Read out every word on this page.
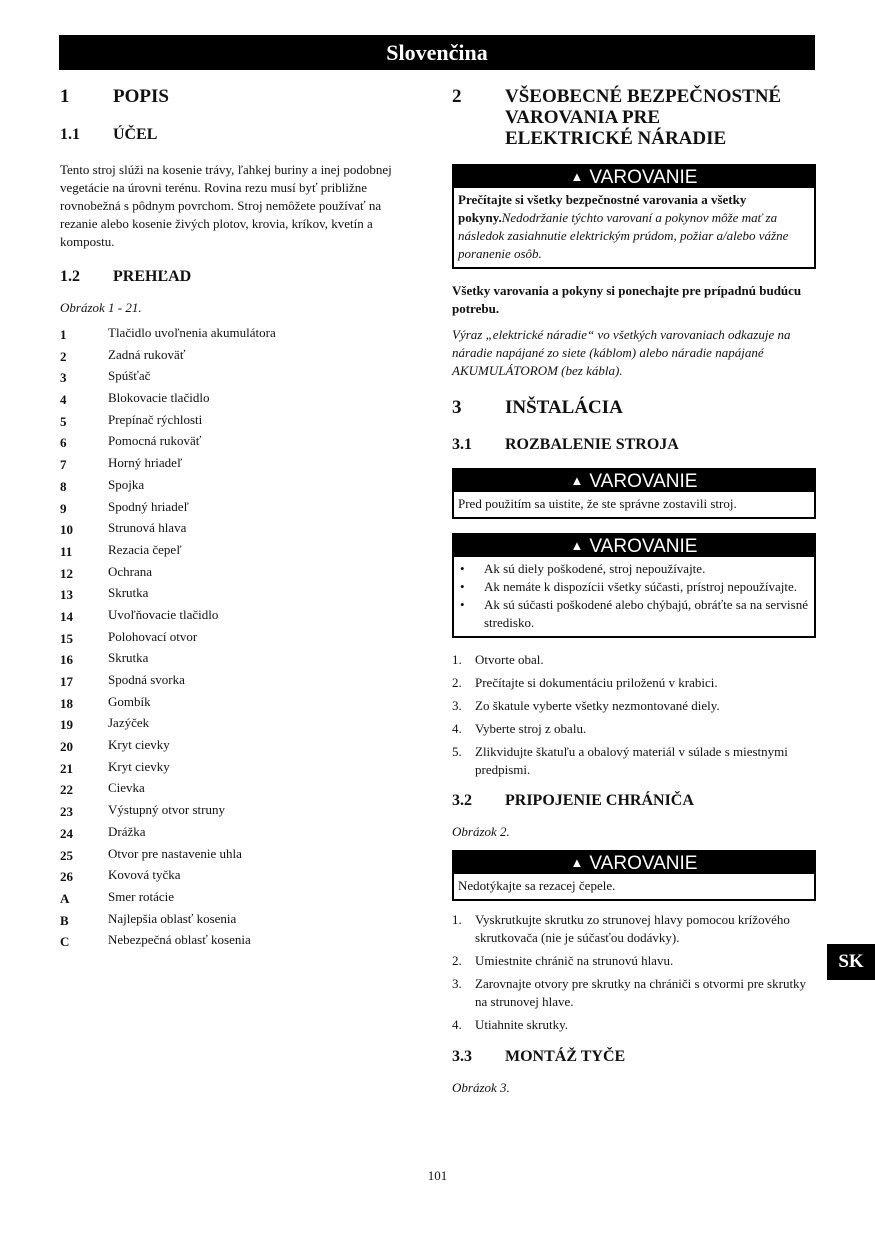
Slovenčina
1	POPIS
1.1	ÚČEL

Tento stroj slúži na kosenie trávy, ľahkej buriny a inej podobnej vegetácie na úrovni terénu. Rovina rezu musí byť približne rovnobežná s pôdnym povrchom. Stroj nemôžete používať na rezanie alebo kosenie živých plotov, krovia, kríkov, kvetín a kompostu.

1.2	PREHĽAD

Obrázok 1 - 21.

1	Tlačidlo uvoľnenia akumulátora
2	Zadná rukoväť
3	Spúšťač
4	Blokovacie tlačidlo
5	Prepínač rýchlosti
6	Pomocná rukoväť
7	Horný hriadeľ
8	Spojka
9	Spodný hriadeľ
10	Strunová hlava
11	Rezacia čepeľ
12	Ochrana
13	Skrutka
14	Uvoľňovacie tlačidlo
15	Polohovací otvor
16	Skrutka
17	Spodná svorka
18	Gombík
19	Jazýček
20	Kryt cievky
21	Kryt cievky
22	Cievka
23	Výstupný otvor struny
24	Drážka
25	Otvor pre nastavenie uhla
26	Kovová tyčka
A	Smer rotácie
B	Najlepšia oblasť kosenia
C	Nebezpečná oblasť kosenia
2	VŠEOBECNÉ BEZPEČNOSTNÉ
VAROVANIA PRE
ELEKTRICKÉ NÁRADIE
▲ VAROVANIE
Prečítajte si všetky bezpečnostné varovania a všetky pokyny.Nedodržanie týchto varovaní a pokynov môže mať za následok zasiahnutie elektrickým prúdom, požiar a/alebo vážne poranenie osôb.

Všetky varovania a pokyny si ponechajte pre prípadnú budúcu potrebu.

Výraz „elektrické náradie“ vo všetkých varovaniach odkazuje na náradie napájané zo siete (káblom) alebo náradie napájané AKUMULÁTOROM (bez kábla).

3	INŠTALÁCIA
3.1	ROZBALENIE STROJA
▲ VAROVANIE
Pred použitím sa uistite, že ste správne zostavili stroj.
▲ VAROVANIE
•	Ak sú diely poškodené, stroj nepoužívajte.
•	Ak nemáte k dispozícii všetky súčasti, prístroj nepoužívajte.
•	Ak sú súčasti poškodené alebo chýbajú, obráťte sa na servisné stredisko.
1.	Otvorte obal.
2.	Prečítajte si dokumentáciu priloženú v krabici.
3.	Zo škatule vyberte všetky nezmontované diely.
4.	Vyberte stroj z obalu.
5.	Zlikvidujte škatuľu a obalový materiál v súlade s miestnymi predpismi.
3.2	PRIPOJENIE CHRÁNIČA

Obrázok 2.

▲ VAROVANIE
Nedotýkajte sa rezacej čepele.
1.	Vyskrutkujte skrutku zo strunovej hlavy pomocou krížového skrutkovača (nie je súčasťou dodávky).
2.	Umiestnite chránič na strunovú hlavu.
3.	Zarovnajte otvory pre skrutky na chrániči s otvormi pre skrutky na strunovej hlave.
4.	Utiahnite skrutky.
3.3	MONTÁŽ TYČE

Obrázok 3.

SK
101
